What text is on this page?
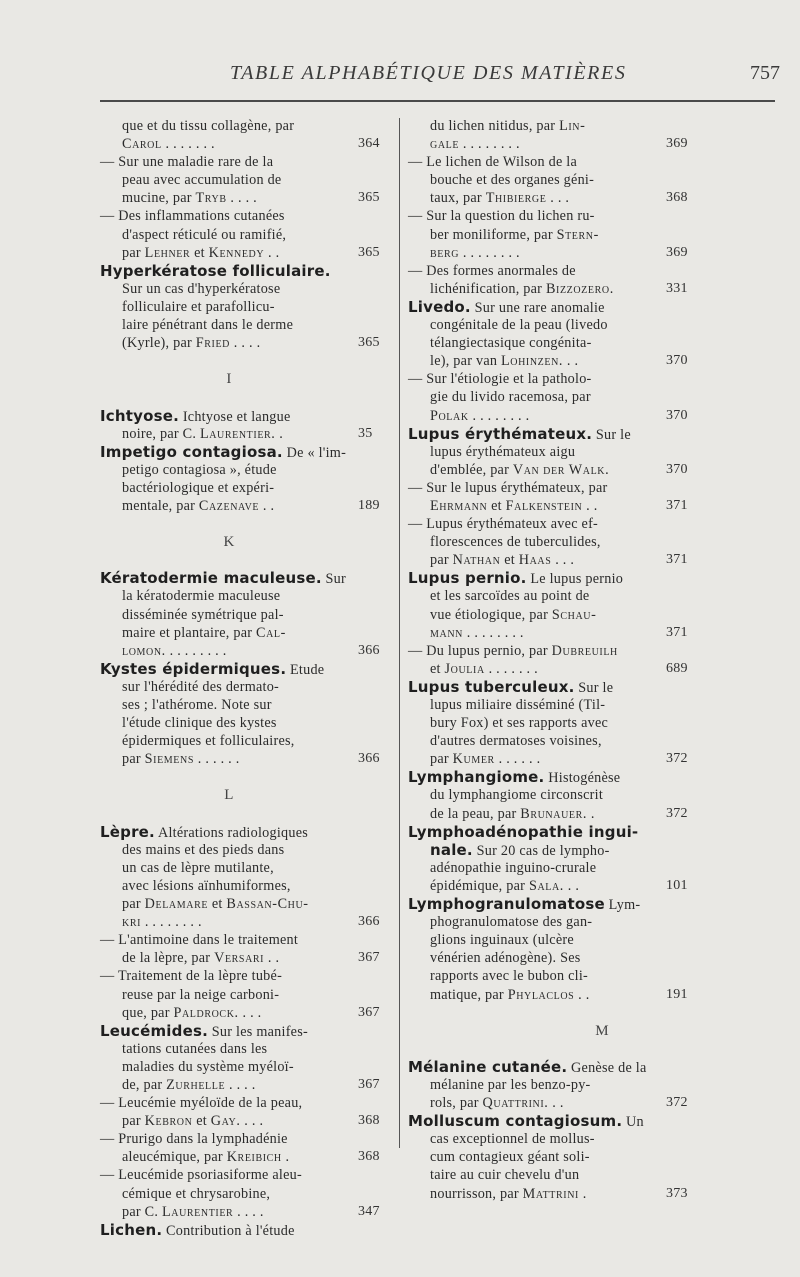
TABLE ALPHABÉTIQUE DES MATIÈRES	757
que et du tissu collagène, par
Carol . . . . . . .	364
— Sur une maladie rare de la
peau avec accumulation de
mucine, par Tryb . . . .	365
— Des inflammations cutanées
d'aspect réticulé ou ramifié,
par Lehner et Kennedy . .	365
Hyperkératose folliculaire.
Sur un cas d'hyperkératose
folliculaire et parafollicu-
laire pénétrant dans le derme
(Kyrle), par Fried . . . .	365
I
Ichtyose. Ichtyose et langue
noire, par C. Laurentier. .	35
Impetigo contagiosa. De « l'im-
petigo contagiosa », étude
bactériologique et expéri-
mentale, par Cazenave . .	189
K
Kératodermie maculeuse. Sur
la kératodermie maculeuse
disséminée symétrique pal-
maire et plantaire, par Cal-
lomon. . . . . . . . .	366
Kystes épidermiques. Etude
sur l'hérédité des dermato-
ses ; l'athérome. Note sur
l'étude clinique des kystes
épidermiques et folliculaires,
par Siemens . . . . . .	366
L
Lèpre. Altérations radiologiques
des mains et des pieds dans
un cas de lèpre mutilante,
avec lésions aïnhumiformes,
par Delamare et Bassan-Chu-
kri . . . . . . . .	366
— L'antimoine dans le traitement
de la lèpre, par Versari . .	367
— Traitement de la lèpre tubé-
reuse par la neige carboni-
que, par Paldrock. . . .	367
Leucémides. Sur les manifes-
tations cutanées dans les
maladies du système myéloï-
de, par Zurhelle . . . .	367
— Leucémie myéloïde de la peau,
par Kebron et Gay. . . .	368
— Prurigo dans la lymphadénie
aleucémique, par Kreibich .	368
— Leucémide psoriasiforme aleu-
cémique et chrysarobine,
par C. Laurentier . . . .	347
Lichen. Contribution à l'étude
du lichen nitidus, par Lin-
gale . . . . . . . .	369
— Le lichen de Wilson de la
bouche et des organes géni-
taux, par Thibierge . . .	368
— Sur la question du lichen ru-
ber moniliforme, par Stern-
berg . . . . . . . .	369
— Des formes anormales de
lichénification, par Bizzozero.	331
Livedo. Sur une rare anomalie
congénitale de la peau (livedo
télangiectasique congénita-
le), par van Lohinzen. . .	370
— Sur l'étiologie et la patholo-
gie du livido racemosa, par
Polak . . . . . . . .	370
Lupus érythémateux. Sur le
lupus érythémateux aigu
d'emblée, par Van der Walk.	370
— Sur le lupus érythémateux, par
Ehrmann et Falkenstein . .	371
— Lupus érythémateux avec ef-
florescences de tuberculides,
par Nathan et Haas . . .	371
Lupus pernio. Le lupus pernio
et les sarcoïdes au point de
vue étiologique, par Schau-
mann . . . . . . . .	371
— Du lupus pernio, par Dubreuilh
et Joulia . . . . . . .	689
Lupus tuberculeux. Sur le
lupus miliaire disséminé (Til-
bury Fox) et ses rapports avec
d'autres dermatoses voisines,
par Kumer . . . . . .	372
Lymphangiome. Histogénèse
du lymphangiome circonscrit
de la peau, par Brunauer. .	372
Lymphoadénopathie ingui-
nale. Sur 20 cas de lympho-
adénopathie inguino-crurale
épidémique, par Sala. . .	101
Lymphogranulomatose Lym-
phogranulomatose des gan-
glions inguinaux (ulcère
vénérien adénogène). Ses
rapports avec le bubon cli-
matique, par Phylaclos . .	191
M
Mélanine cutanée. Genèse de la
mélanine par les benzo-py-
rols, par Quattrini. . .	372
Molluscum contagiosum. Un
cas exceptionnel de mollus-
cum contagieux géant soli-
taire au cuir chevelu d'un
nourrisson, par Mattrini .	373
